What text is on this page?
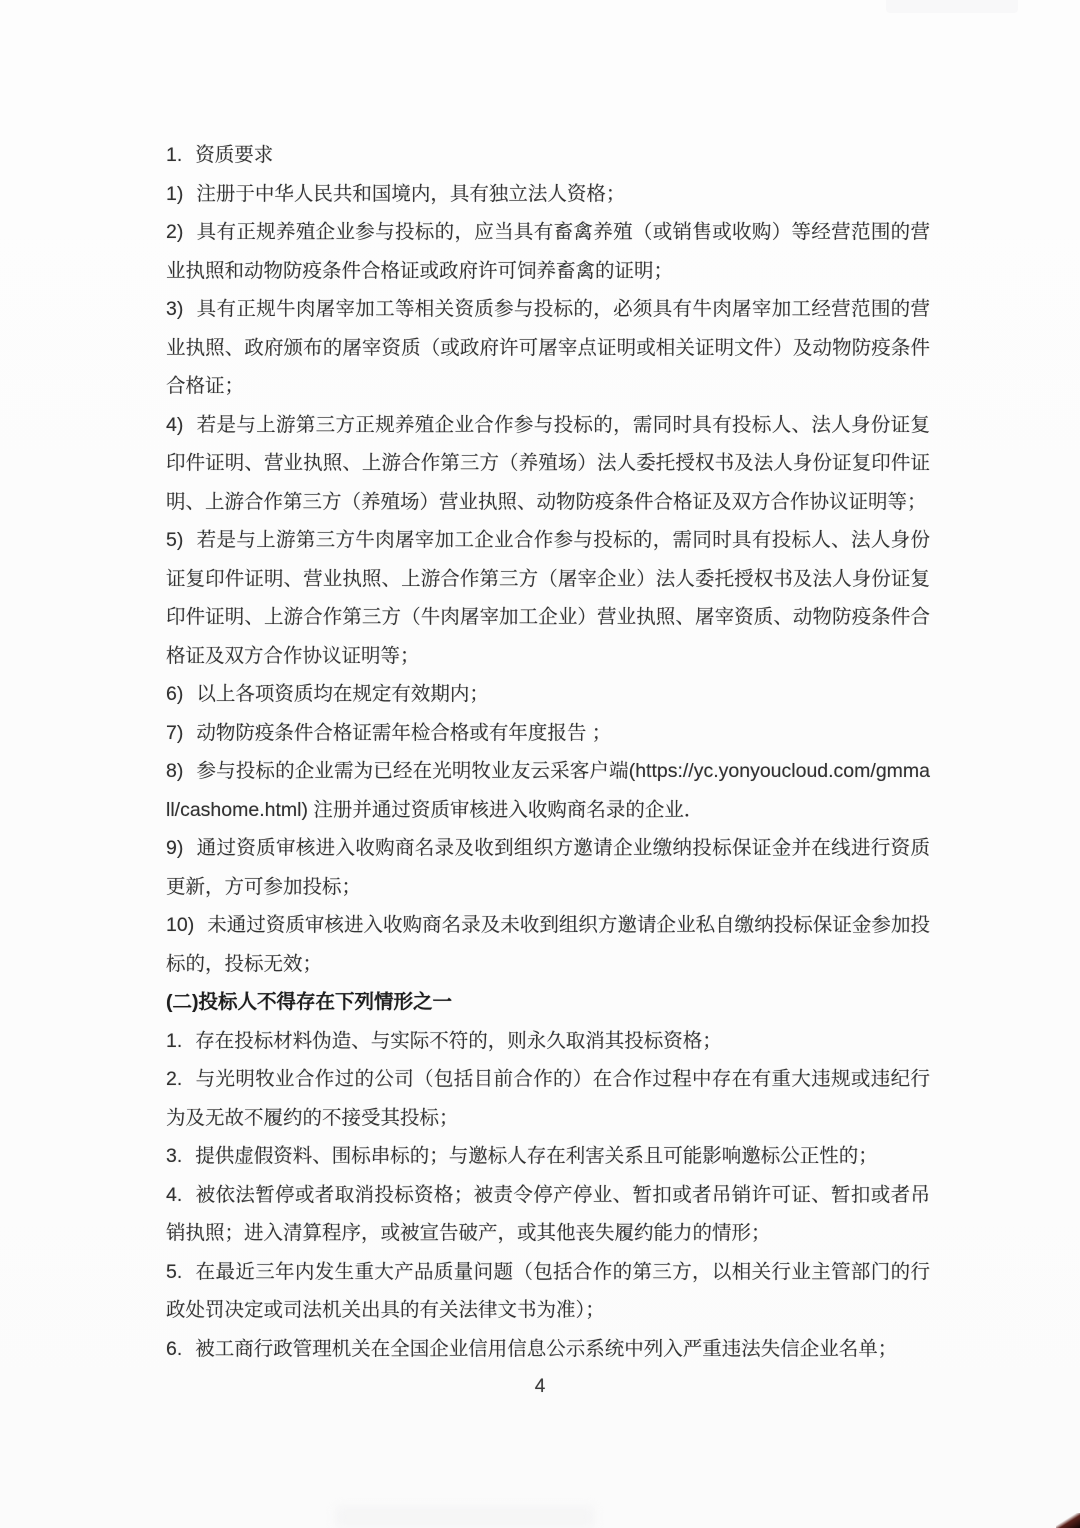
1. 资质要求

1) 注册于中华人民共和国境内，具有独立法人资格；

2) 具有正规养殖企业参与投标的，应当具有畜禽养殖（或销售或收购）等经营范围的营业执照和动物防疫条件合格证或政府许可饲养畜禽的证明；

3) 具有正规牛肉屠宰加工等相关资质参与投标的，必须具有牛肉屠宰加工经营范围的营业执照、政府颁布的屠宰资质（或政府许可屠宰点证明或相关证明文件）及动物防疫条件合格证；

4) 若是与上游第三方正规养殖企业合作参与投标的，需同时具有投标人、法人身份证复印件证明、营业执照、上游合作第三方（养殖场）法人委托授权书及法人身份证复印件证明、上游合作第三方（养殖场）营业执照、动物防疫条件合格证及双方合作协议证明等；

5) 若是与上游第三方牛肉屠宰加工企业合作参与投标的，需同时具有投标人、法人身份证复印件证明、营业执照、上游合作第三方（屠宰企业）法人委托授权书及法人身份证复印件证明、上游合作第三方（牛肉屠宰加工企业）营业执照、屠宰资质、动物防疫条件合格证及双方合作协议证明等；

6) 以上各项资质均在规定有效期内；

7) 动物防疫条件合格证需年检合格或有年度报告 ；

8) 参与投标的企业需为已经在光明牧业友云采客户端(https://yc.yonyoucloud.com/gmmall/cashome.html) 注册并通过资质审核进入收购商名录的企业．

9) 通过资质审核进入收购商名录及收到组织方邀请企业缴纳投标保证金并在线进行资质更新，方可参加投标；

10) 未通过资质审核进入收购商名录及未收到组织方邀请企业私自缴纳投标保证金参加投标的，投标无效；

(二)投标人不得存在下列情形之一

1. 存在投标材料伪造、与实际不符的，则永久取消其投标资格；

2. 与光明牧业合作过的公司（包括目前合作的）在合作过程中存在有重大违规或违纪行为及无故不履约的不接受其投标；

3. 提供虚假资料、围标串标的；与邀标人存在利害关系且可能影响邀标公正性的；

4. 被依法暂停或者取消投标资格；被责令停产停业、暂扣或者吊销许可证、暂扣或者吊销执照；进入清算程序，或被宣告破产，或其他丧失履约能力的情形；

5. 在最近三年内发生重大产品质量问题（包括合作的第三方，以相关行业主管部门的行政处罚决定或司法机关出具的有关法律文书为准）；

6. 被工商行政管理机关在全国企业信用信息公示系统中列入严重违法失信企业名单；

4
